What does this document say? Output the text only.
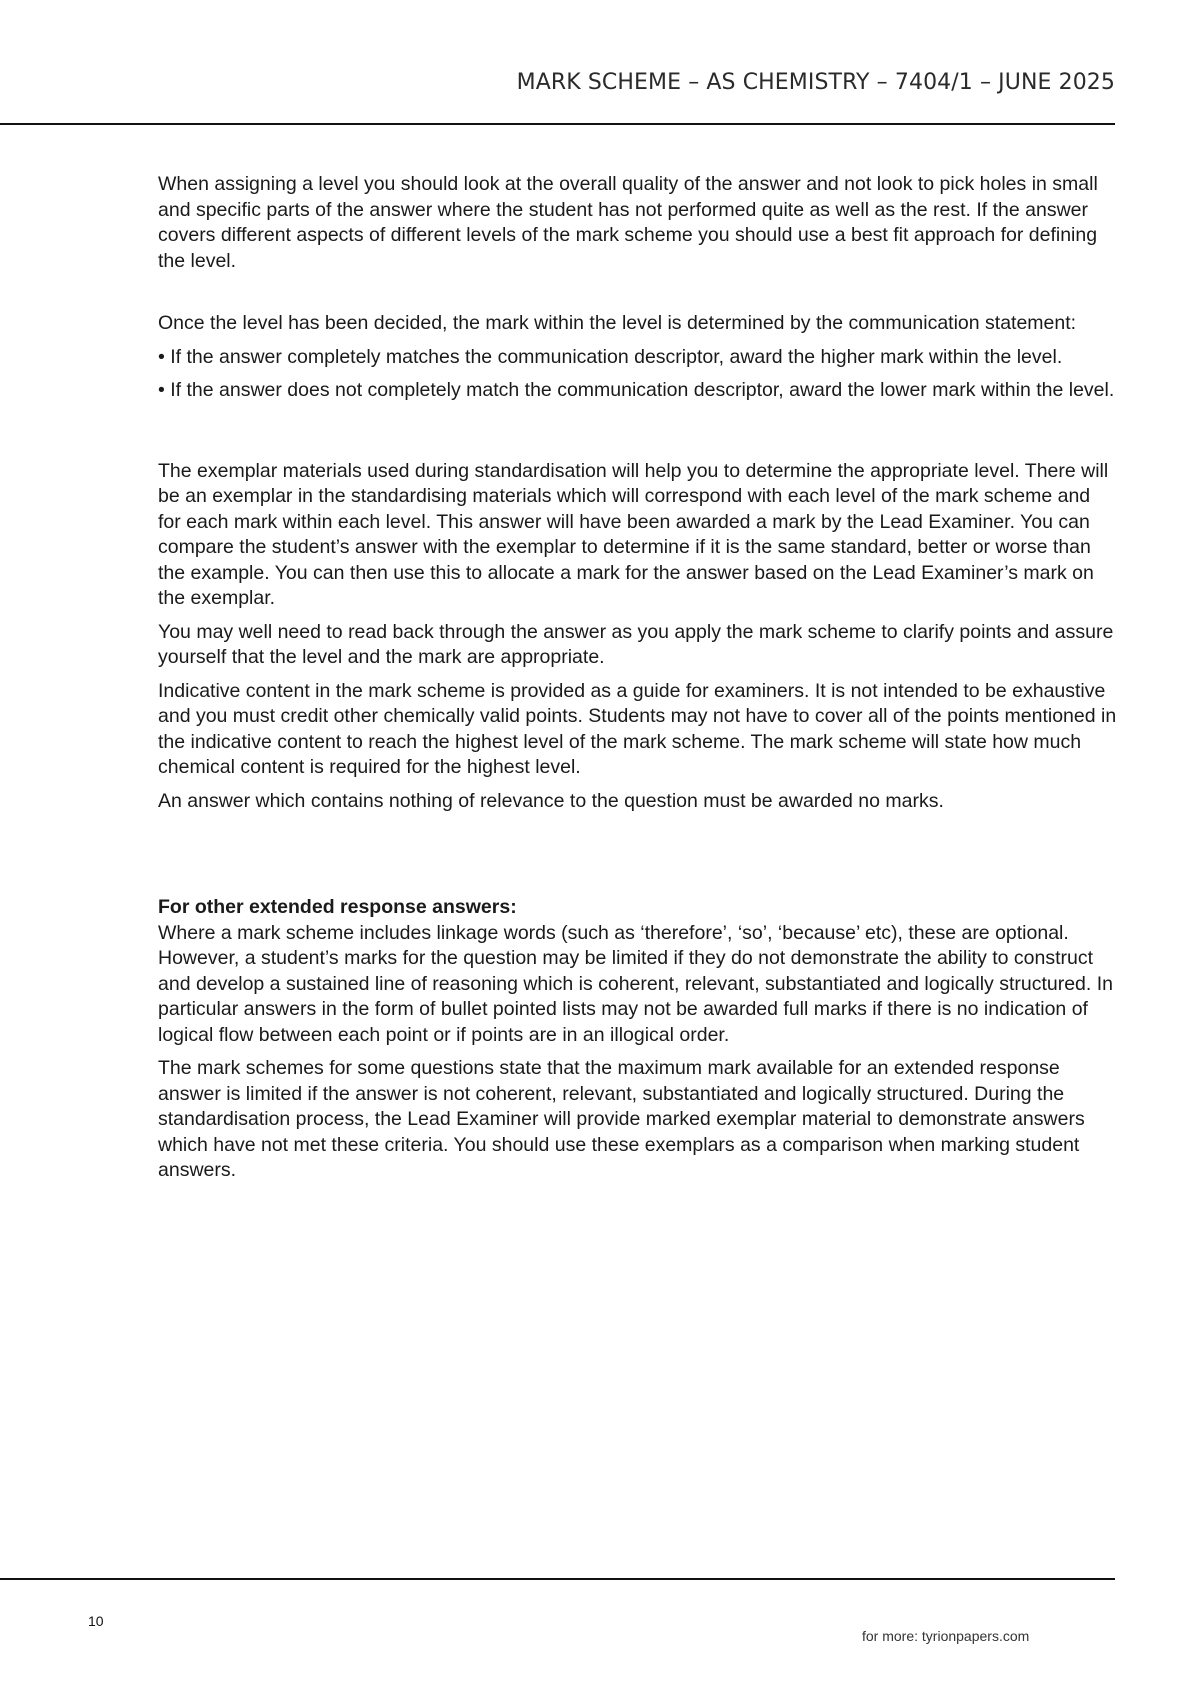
MARK SCHEME – AS CHEMISTRY – 7404/1 – JUNE 2025

When assigning a level you should look at the overall quality of the answer and not look to pick holes in small and specific parts of the answer where the student has not performed quite as well as the rest. If the answer covers different aspects of different levels of the mark scheme you should use a best fit approach for defining the level.

Once the level has been decided, the mark within the level is determined by the communication statement:

• If the answer completely matches the communication descriptor, award the higher mark within the level.

• If the answer does not completely match the communication descriptor, award the lower mark within the level.

The exemplar materials used during standardisation will help you to determine the appropriate level. There will be an exemplar in the standardising materials which will correspond with each level of the mark scheme and for each mark within each level. This answer will have been awarded a mark by the Lead Examiner. You can compare the student’s answer with the exemplar to determine if it is the same standard, better or worse than the example. You can then use this to allocate a mark for the answer based on the Lead Examiner’s mark on the exemplar.

You may well need to read back through the answer as you apply the mark scheme to clarify points and assure yourself that the level and the mark are appropriate.

Indicative content in the mark scheme is provided as a guide for examiners. It is not intended to be exhaustive and you must credit other chemically valid points. Students may not have to cover all of the points mentioned in the indicative content to reach the highest level of the mark scheme. The mark scheme will state how much chemical content is required for the highest level.

An answer which contains nothing of relevance to the question must be awarded no marks.

For other extended response answers:

Where a mark scheme includes linkage words (such as ‘therefore’, ‘so’, ‘because’ etc), these are optional. However, a student’s marks for the question may be limited if they do not demonstrate the ability to construct and develop a sustained line of reasoning which is coherent, relevant, substantiated and logically structured. In particular answers in the form of bullet pointed lists may not be awarded full marks if there is no indication of logical flow between each point or if points are in an illogical order.

The mark schemes for some questions state that the maximum mark available for an extended response answer is limited if the answer is not coherent, relevant, substantiated and logically structured. During the standardisation process, the Lead Examiner will provide marked exemplar material to demonstrate answers which have not met these criteria. You should use these exemplars as a comparison when marking student answers.

10
for more: tyrionpapers.com
